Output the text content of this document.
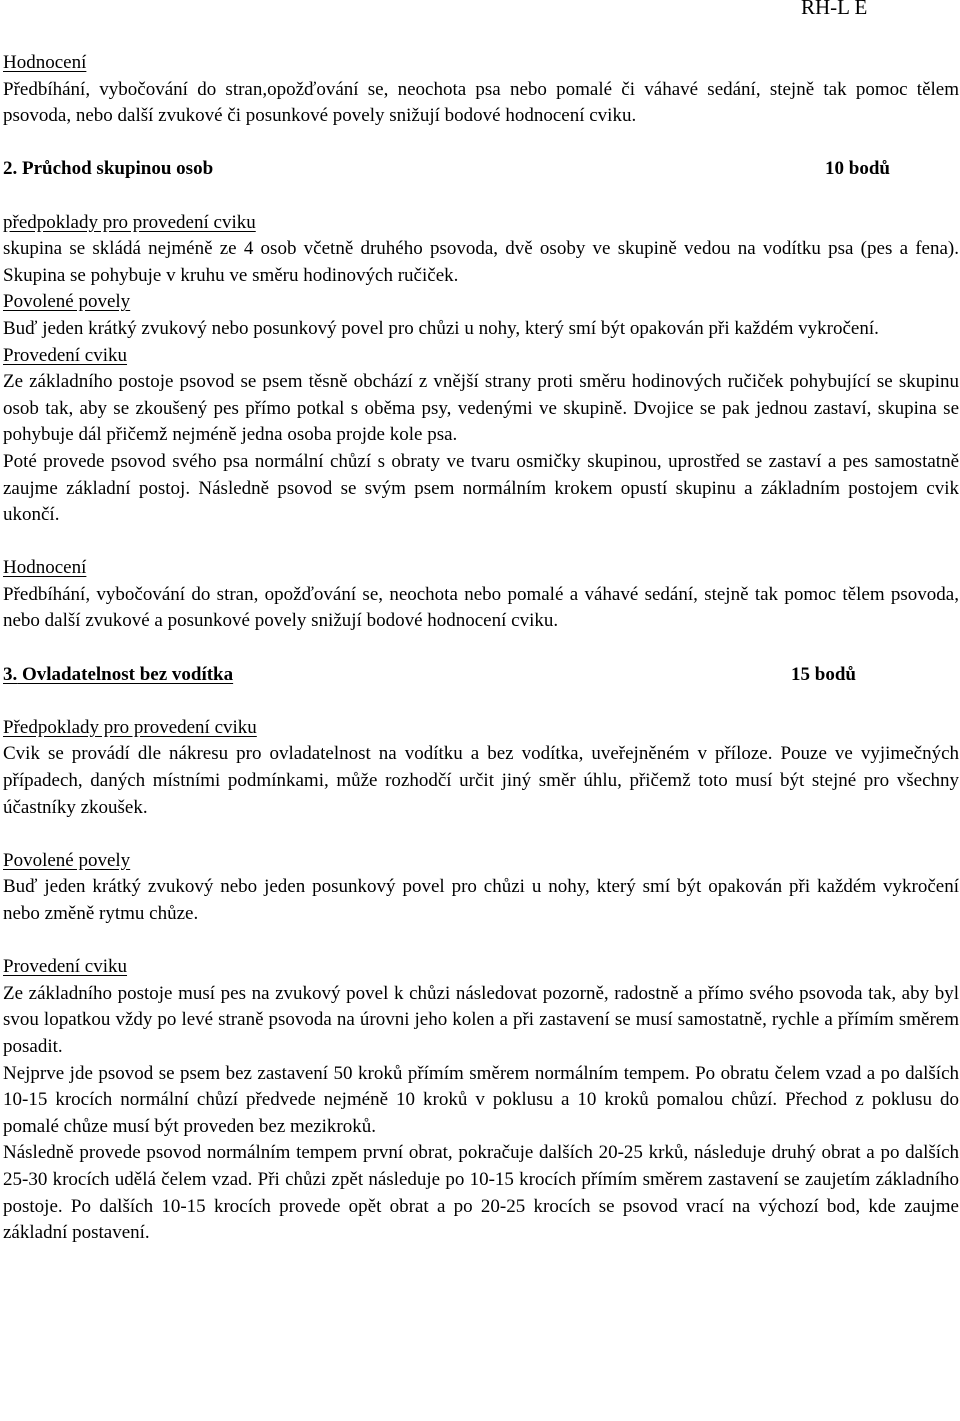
RH-L E
Hodnocení

Předbíhání, vybočování do stran,opožďování se, neochota psa nebo pomalé či váhavé sedání, stejně tak pomoc tělem psovoda, nebo další zvukové či posunkové povely snižují bodové hodnocení cviku.

2. Průchod skupinou osob	10 bodů
předpoklady pro provedení cviku

skupina se skládá nejméně ze 4 osob včetně druhého psovoda, dvě osoby ve skupině vedou na vodítku psa (pes a fena). Skupina se pohybuje v kruhu ve směru hodinových ručiček.

Povolené povely

Buď jeden krátký zvukový nebo posunkový povel pro chůzi u nohy, který smí být opakován při každém vykročení.

Provedení cviku

Ze základního postoje psovod se psem těsně obchází z vnější strany proti směru hodinových ručiček pohybující se skupinu osob tak, aby se zkoušený pes přímo potkal s oběma psy, vedenými ve skupině. Dvojice se pak jednou zastaví, skupina se pohybuje dál přičemž nejméně jedna osoba projde kole psa.

Poté provede psovod svého psa normální chůzí s obraty ve tvaru osmičky skupinou, uprostřed se zastaví a pes samostatně zaujme základní postoj. Následně psovod se svým psem normálním krokem opustí skupinu a základním postojem cvik ukončí.

Hodnocení

Předbíhání, vybočování do stran, opožďování se, neochota nebo pomalé a váhavé sedání, stejně tak pomoc tělem psovoda, nebo další zvukové a posunkové povely snižují bodové hodnocení cviku.

3. Ovladatelnost bez vodítka	15 bodů
Předpoklady pro provedení cviku

Cvik se provádí dle nákresu pro ovladatelnost na vodítku a bez vodítka, uveřejněném v příloze. Pouze ve vyjimečných případech, daných místními podmínkami, může rozhodčí určit jiný směr úhlu, přičemž toto musí být stejné pro všechny účastníky zkoušek.

Povolené povely

Buď jeden krátký zvukový nebo jeden posunkový povel pro chůzi u nohy, který smí být opakován při každém vykročení nebo změně rytmu chůze.

Provedení cviku

Ze základního postoje musí pes na zvukový povel k chůzi následovat pozorně, radostně a přímo svého psovoda tak, aby byl svou lopatkou vždy po levé straně psovoda na úrovni jeho kolen a při zastavení se musí samostatně, rychle a přímím směrem posadit.

Nejprve jde psovod se psem bez zastavení 50 kroků přímím směrem normálním tempem. Po obratu čelem vzad a po dalších 10-15 krocích normální chůzí předvede nejméně 10 kroků v poklusu a 10 kroků pomalou chůzí. Přechod z poklusu do pomalé chůze musí být proveden bez mezikroků.

Následně provede psovod normálním tempem první obrat, pokračuje dalších 20-25 krků, následuje druhý obrat a po dalších 25-30 krocích udělá čelem vzad. Při chůzi zpět následuje po 10-15 krocích přímím směrem zastavení se zaujetím základního postoje. Po dalších 10-15 krocích provede opět obrat a po 20-25 krocích se psovod vrací na výchozí bod, kde zaujme základní postavení.
